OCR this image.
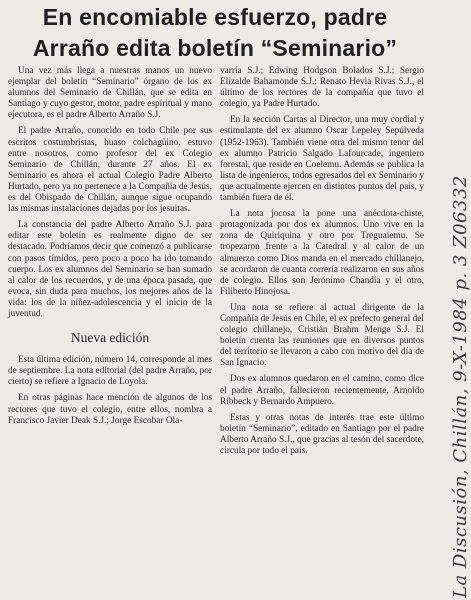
En encomiable esfuerzo, padre
Arraño edita boletín “Seminario”

Una vez más llega a nuestras manos un nuevo ejemplar del boletín “Seminario” órgano de los ex alumnos del Seminario de Chillán, que se edita en Santiago y cuyo gestor, motor, padre espiritual y mano ejecutora, es el padre Alberto Arraño S.J.

El padre Arraño, conocido en todo Chile por sus escritos costumbristas, huaso colchagüino, estuvo entre nosotros, como profesor del ex Colegio Seminario de Chillán, durante 27 años. El ex Seminario es ahora el actual Colegio Padre Alberto Hurtado, pero ya no pertenece a la Compañía de Jesús, es del Obispado de Chillán, aunque sigue ocupando las mismas instalaciones dejadas por los jesuitas.

La constancia del padre Alberto Arraño S.J. para editar este boletín es realmente digno de ser destacado. Podríamos decir que comenzó a publicarse con pasos tímidos, pero poco a poco ha ido tomando cuerpo. Los ex alumnos del Seminario se han sumado al calor de los recuerdos, y de una época pasada, que evoca, sin duda para muchos, los mejores años de la vida: los de la niñez-adolescencia y el inicio de la juventud.

Nueva edición

Esta última edición, número 14, corresponde al mes de septiembre. La nota editorial (del padre Arraño, por cierto) se refiere a Ignacio de Loyola.

En otras páginas hace mención de algunos de los rectores que tuvo el colegio, entre ellos, nombra a Francisco Javier Deak S.J.; Jorge Escobar Ola-

varría S.J.; Edwing Hodgson Bolados S.J.; Sergio Elizalde Bahamonde S.J.; Renato Hevia Rivas S.J., el último de los rectores de la compañía que tuvo el colegio, ya Padre Hurtado.

En la sección Cartas al Director, una muy cordial y estimulante del ex alumno Oscar Lepeley Sepúlveda (1952-1963). También viene otra del mismo tenor del ex alumno Patricio Salgado Lafourcade, ingeniero forestal, que reside en Coelemu. Además se publica la lista de ingenieros, todos egresados del ex Seminario y que actualmente ejercen en distintos puntos del país, y también fuera de él.

La nota jocosa la pone una anécdota-chiste, protagonizada por dos ex alumnos. Uno vive en la zona de Quiriquina y otro por Treguaiemu. Se tropezaron frente a la Catedral y al calor de un almuerzo como Dios manda en el mercado chillanejo, se acordaron de cuanta correría realizaron en sus años de colegio. Ellos son Jerónimo Chandía y el otro, Filiberto Hinojosa.

Una nota se refiere al actual dirigente de la Compañía de Jesús en Chile, el ex prefecto general del colegio chillanejo, Cristián Brahm Menge S.J. El boletín cuenta las reuniones que en diversos puntos del territorio se llevaron a cabo con motivo del día de San Ignacio.

Dos ex alumnos quedaron en el camino, como dice el padre Arraño, fallecieron recientemente, Arnoldo Ribbeck y Bernardo Ampuero.

Estas y otras notas de interés trae este último boletín “Seminario”, editado en Santiago por el padre Alberto Arraño S.J., que gracias al tesón del sacerdote, circula por todo el país.	La Discusión, Chillán, 9-X-1984 p. 3 Z06332
